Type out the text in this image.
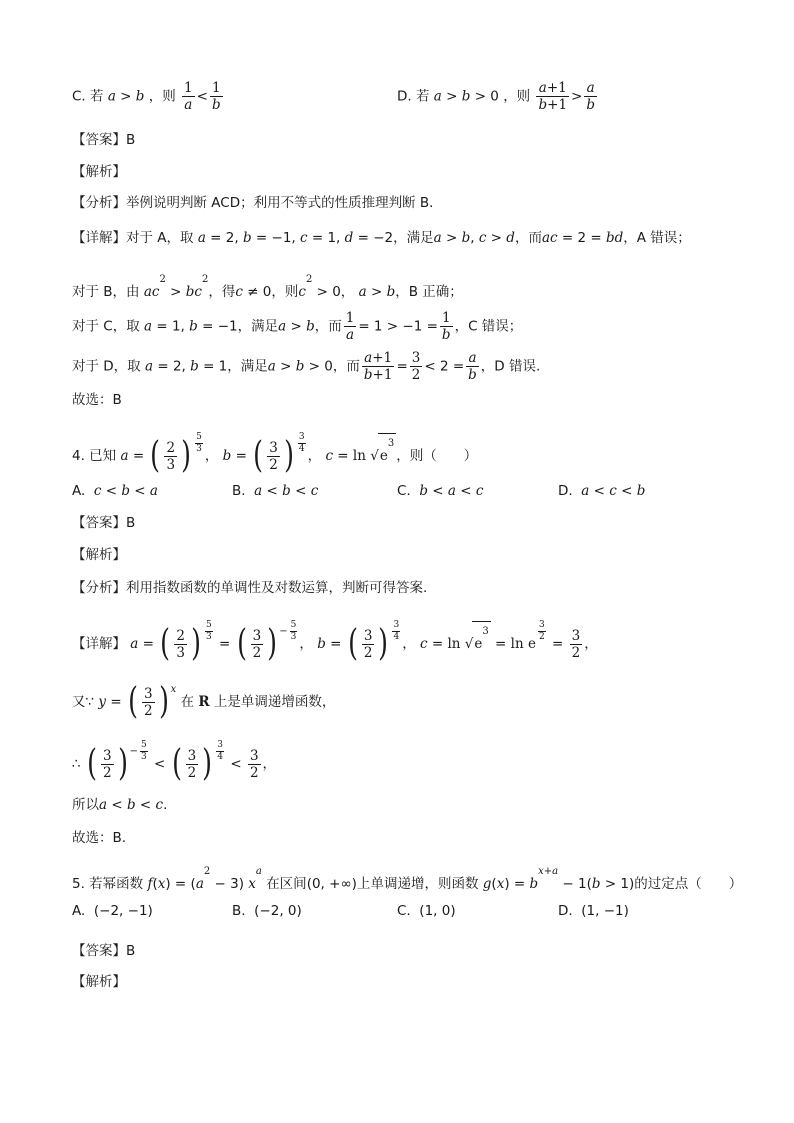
C. 若 a > b ，则 $\frac{1}{a} < \frac{1}{b}$	D. 若 a > b > 0 ，则 $\frac{a+1}{b+1} > \frac{a}{b}$
【答案】B
【解析】
【分析】举例说明判断 ACD；利用不等式的性质推理判断 B.
【详解】对于 A，取 a = 2, b = −1, c = 1, d = −2，满足a > b, c > d，而ac = 2 = bd，A 错误；
对于 B，由 $ac^2 > bc^2$，得c ≠ 0，则$c^2 > 0$， a > b，B 正确；
对于 C，取 a = 1, b = −1，满足a > b，而 $\frac{1}{a} = 1 > -1 = \frac{1}{b}$ ，C 错误；
对于 D，取 a = 2, b = 1，满足a > b > 0，而 $\frac{a+1}{b+1} = \frac{3}{2} < 2 = \frac{a}{b}$ ，D 错误.
故选：B
4. 已知 a = ( $\frac{2}{3}$ ) $^{\frac{5}{3}}$
， b = ( $\frac{3}{2}$ ) $^{\frac{3}{4}}$
， $c = \ln √e^3$，则（　　）
A. c < b < a	B. a < b < c	C. b < a < c	D. a < c < b
【答案】B
【解析】
【分析】利用指数函数的单调性及对数运算，判断可得答案.
【详解】 a = ( $\frac{2}{3}$ ) $^{\frac{5}{3}}$
= ( $\frac{3}{2}$ ) $^{- \frac{5}{3}}$
， b = ( $\frac{3}{2}$ ) $^{\frac{3}{4}}$
， $c = \ln √e^3 = \ln e$
$^{\frac{3}{2}}$
= $\frac{3}{2}$ ，
又∵ y = ( $\frac{3}{2}$ ) $^x$ 在 R 上是单调递增函数，
∴ ( $\frac{3}{2}$ ) $^{- \frac{5}{3}}$
< ( $\frac{3}{2}$ ) $^{\frac{3}{4}}$
< $\frac{3}{2}$ ，
所以a < b < c.
故选：B.
5. 若幂函数 $f(x) = (a^2 - 3)$ $x^a$ 在区间(0, +∞)上单调递增，则函数 $g(x) = b^{x+a} - 1(b > 1)$的过定点（　　）
A.  (−2, −1)	B.  (−2, 0)	C.  (1, 0)	D.  (1, −1)
【答案】B
【解析】
